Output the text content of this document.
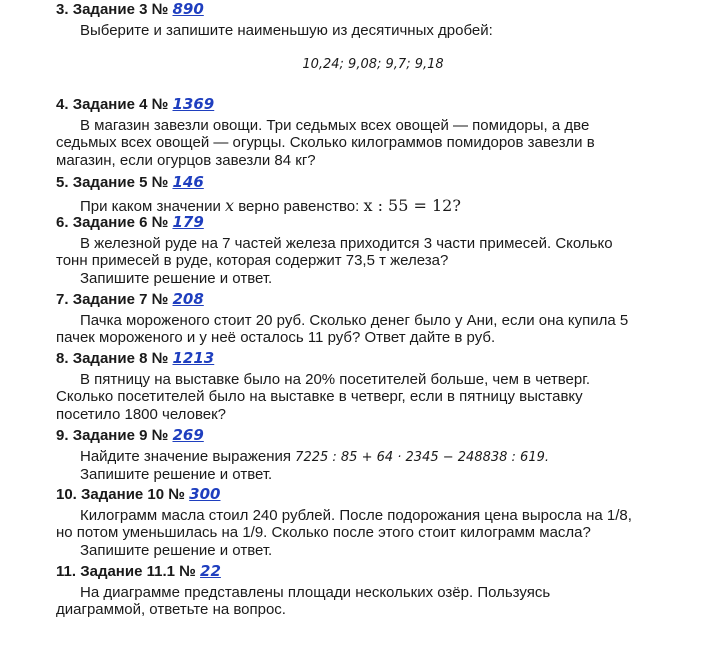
3. Задание 3 № 890
Выберите и запишите наименьшую из десятичных дробей:
10,24; 9,08; 9,7; 9,18
4. Задание 4 № 1369
В магазин завезли овощи. Три седьмых всех овощей — помидоры, а две
седьмых всех овощей — огурцы. Сколько килограммов помидоров завезли в
магазин, если огурцов завезли 84 кг?
5. Задание 5 № 146
При каком значении x верно равенство: x : 55 = 12?
6. Задание 6 № 179
В железной руде на 7 частей железа приходится 3 части примесей. Сколько
тонн примесей в руде, которая содержит 73,5 т железа?
Запишите решение и ответ.
7. Задание 7 № 208
Пачка мороженого стоит 20 руб. Сколько денег было у Ани, если она купила 5
пачек мороженого и у неё осталось 11 руб? Ответ дайте в руб.
8. Задание 8 № 1213
В пятницу на выставке было на 20% посетителей больше, чем в четверг.
Сколько посетителей было на выставке в четверг, если в пятницу выставку
посетило 1800 человек?
9. Задание 9 № 269
Найдите значение выражения 7225 : 85 + 64 · 2345 − 248838 : 619.
Запишите решение и ответ.
10. Задание 10 № 300
Килограмм масла стоил 240 рублей. После подорожания цена выросла на 1/8,
но потом уменьшилась на 1/9. Сколько после этого стоит килограмм масла?
Запишите решение и ответ.
11. Задание 11.1 № 22
На диаграмме представлены площади нескольких озёр. Пользуясь
диаграммой, ответьте на вопрос.
